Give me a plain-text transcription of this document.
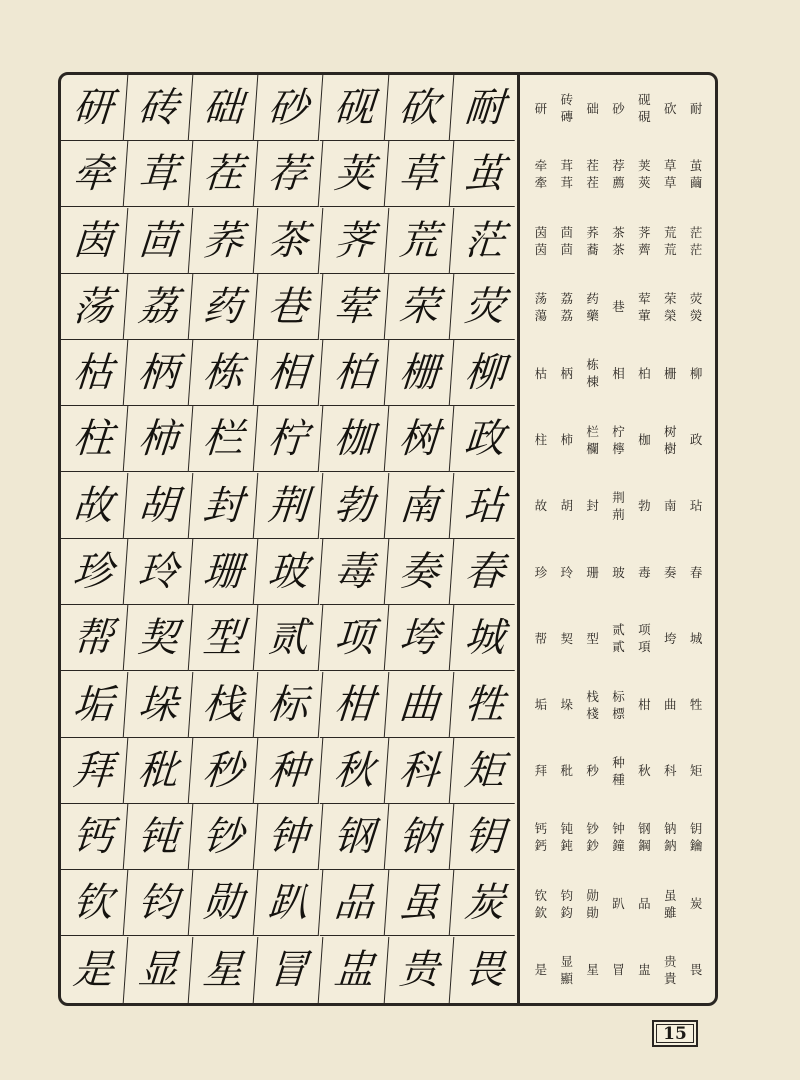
研 砖 础 砂 砚 砍 耐
牵 茸 茬 荐 荚 草 茧
茵 茴 荞 茶 荠 荒 茫
荡 荔 药 巷 荤 荣 荧
枯 柄 栋 相 柏 栅 柳
柱 柿 栏 柠 枷 树 政
故 胡 封 荆 勃 南 玷
珍 玲 珊 玻 毒 奏 春
帮 契 型 贰 项 垮 城
垢 垛 栈 标 柑 曲 牲
拜 秕 秒 种 秋 科 矩
钙 钝 钞 钟 钢 钠 钥
钦 钧 勋 趴 品 虽 炭
是 显 星 冒 盅 贵 畏
研
砖
磚
础 砂
砚
硯
砍 耐
牵
牽
茸
茸
茬
茬
荐
薦
荚
莢
草
草
茧
繭
茵
茵
茴
茴
荞
蕎
茶
茶
荠
薺
荒
荒
茫
茫
荡
蕩
荔
荔
药
藥
巷
荤
葷
荣
榮
荧
熒
枯 柄
栋
棟
相 柏 栅 柳
柱 柿
栏
欄
柠
檸
枷
树
樹
政
故 胡 封
荆
荊
勃 南 玷
珍 玲 珊 玻 毒 奏 春
帮 契 型
贰
貳
项
項
垮 城
垢 垛
栈
棧
标
標
柑 曲 牲
拜 秕 秒
种
種
秋 科 矩
钙
鈣
钝
鈍
钞
鈔
钟
鐘
钢
鋼
钠
鈉
钥
鑰
钦
欽
钧
鈞
勋
勛
趴 品
虽
雖
炭
是
显
顯
星 冒 盅
贵
貴
畏
15
